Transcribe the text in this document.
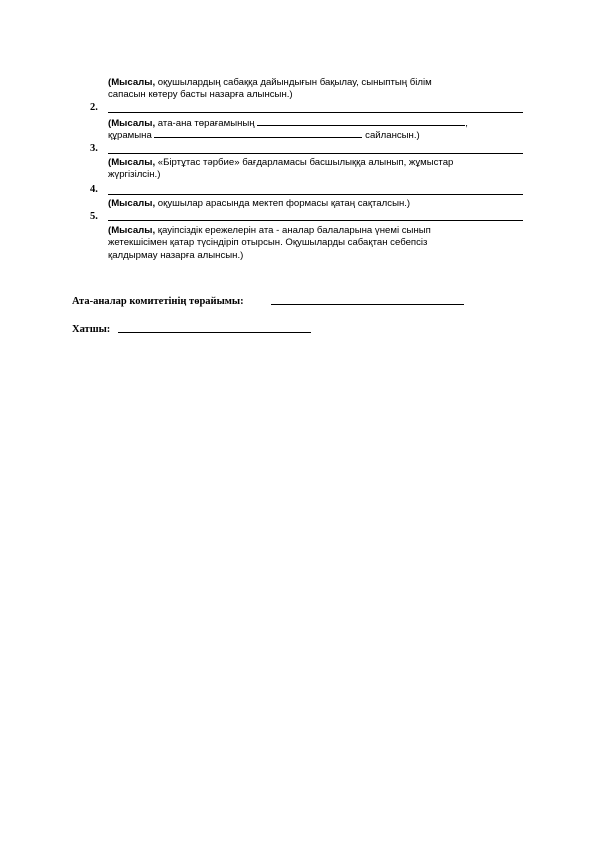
(Мысалы, оқушылардың сабаққа дайындығын бақылау, сыныптың білім
сапасын көтеру басты назарға алынсын.)
2.
(Мысалы, ата-ана төрағамының	,
құрамына	сайлансын.)
3.
(Мысалы, «Біртұтас тәрбие» бағдарламасы басшылыққа алынып, жұмыстар
жүргізілсін.)
4.
(Мысалы, оқушылар арасында мектеп формасы қатаң сақталсын.)
5.
(Мысалы, қауіпсіздік ережелерін ата - аналар балаларына үнемі сынып
жетекшісімен қатар түсіндіріп отырсын. Оқушыларды сабақтан себепсіз
қалдырмау назарға алынсын.)
Ата-аналар комитетінің төрайымы:
Хатшы:
